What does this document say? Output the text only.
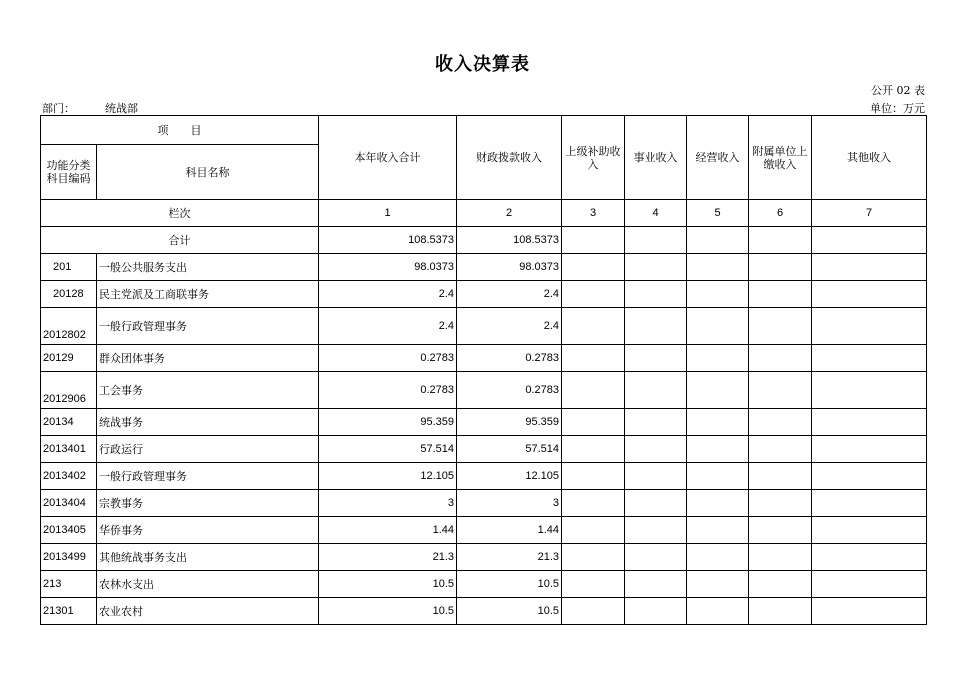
收入决算表
公开 02 表
部门：	统战部	单位：万元
项　　目		本年收入合计	财政拨款收入	上级补助收入	事业收入	经营收入	附属单位上缴收入	其他收入
功能分类科目编码	科目名称							
栏次		1	2	3	4	5	6	7
合计		108.5373	108.5373					
201	一般公共服务支出	98.0373	98.0373					
20128	民主党派及工商联事务	2.4	2.4					
2012802	一般行政管理事务	2.4	2.4					
20129	群众团体事务	0.2783	0.2783					
2012906	工会事务	0.2783	0.2783					
20134	统战事务	95.359	95.359					
2013401	行政运行	57.514	57.514					
2013402	一般行政管理事务	12.105	12.105					
2013404	宗教事务	3	3					
2013405	华侨事务	1.44	1.44					
2013499	其他统战事务支出	21.3	21.3					
213	农林水支出	10.5	10.5					
21301	农业农村	10.5	10.5					
